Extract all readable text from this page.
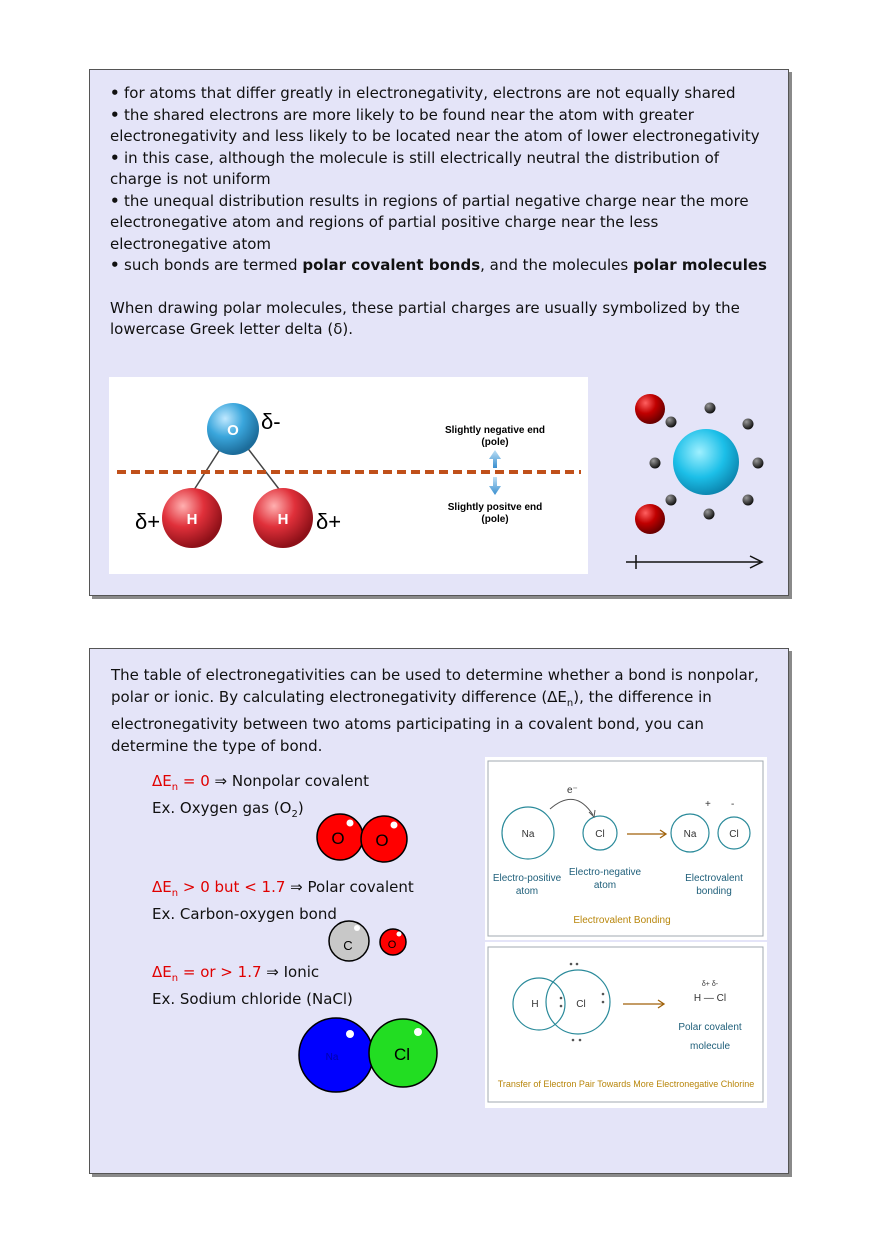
• for atoms that differ greatly in electronegativity, electrons are not equally shared
• the shared electrons are more likely to be found near the atom with greater electronegativity and less likely to be located near the atom of lower electronegativity
• in this case, although the molecule is still electrically neutral the distribution of charge is not uniform
• the unequal distribution results in regions of partial negative charge near the more electronegative atom and regions of partial positive charge near the less electronegative atom
• such bonds are termed polar covalent bonds, and the molecules polar molecules
When drawing polar molecules, these partial charges are usually symbolized by the lowercase Greek letter delta (δ).
O
H	H
δ-
δ+	δ+
Slightly negative end
(pole)
Slightly positve end
(pole)
The table of electronegativities can be used to determine whether a bond is nonpolar, polar or ionic. By calculating electronegativity difference $(\Delta E_n)$, the difference in electronegativity between two atoms participating in a covalent bond, you can determine the type of bond.
$\Delta E_n = 0$ ⇒ Nonpolar covalent
Ex. Oxygen gas $(O_2)$
$\Delta E_n > 0$ but < 1.7 ⇒ Polar covalent
Ex. Carbon-oxygen bond
$\Delta E_n$ = or > 1.7 ⇒ Ionic
Ex. Sodium chloride (NaCl)
O O
C	O
Na	Cl
e⁻
Na	Cl	Na	Cl
+ -
Electro-positive
atom
Electro-negative
atom
Electrovalent
bonding
Electrovalent Bonding
H	Cl
δ+ δ-
H — Cl
Polar covalent
molecule
Transfer of Electron Pair Towards More Electronegative Chlorine
